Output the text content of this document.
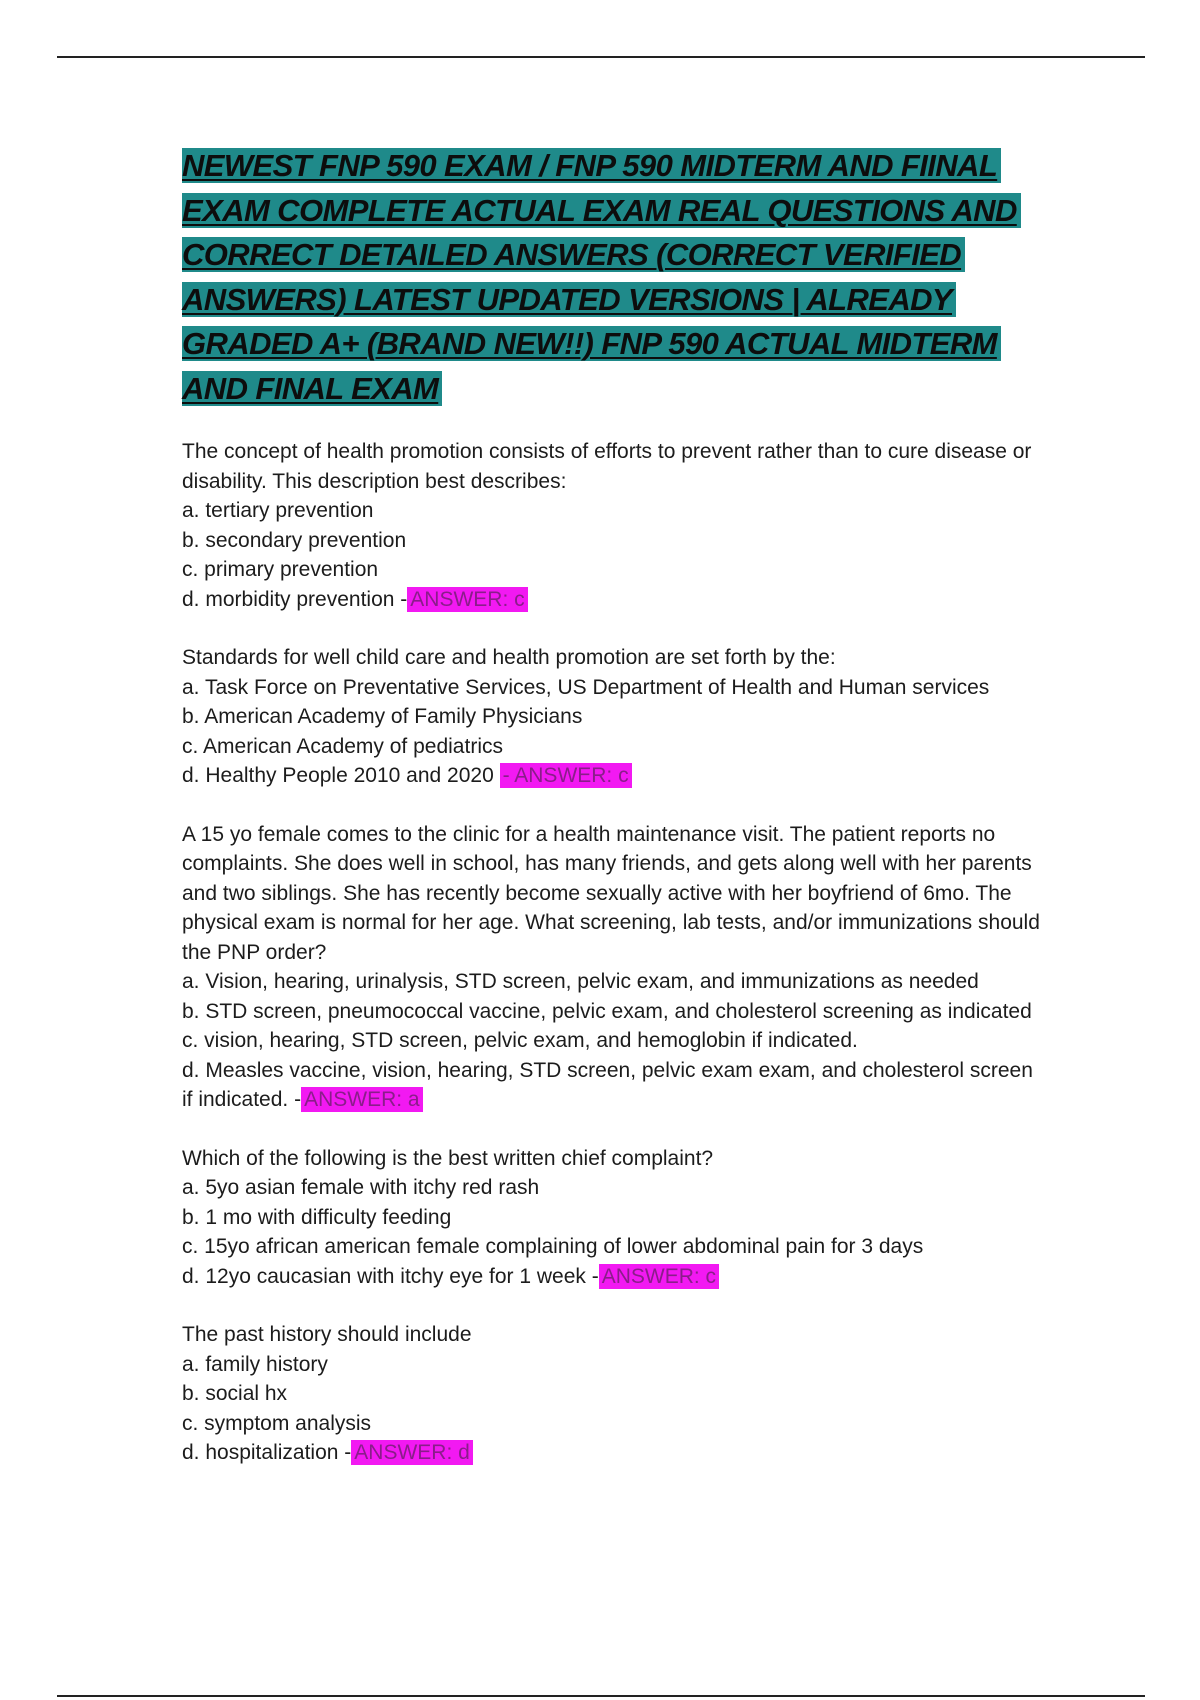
NEWEST FNP 590 EXAM / FNP 590 MIDTERM AND FIINAL EXAM COMPLETE ACTUAL EXAM REAL QUESTIONS AND CORRECT DETAILED ANSWERS (CORRECT VERIFIED ANSWERS) LATEST UPDATED VERSIONS | ALREADY GRADED A+ (BRAND NEW!!) FNP 590 ACTUAL MIDTERM AND FINAL EXAM

The concept of health promotion consists of efforts to prevent rather than to cure disease or disability. This description best describes:

a. tertiary prevention

b. secondary prevention

c. primary prevention

d. morbidity prevention - ANSWER: c

Standards for well child care and health promotion are set forth by the:

a. Task Force on Preventative Services, US Department of Health and Human services

b. American Academy of Family Physicians

c. American Academy of pediatrics

d. Healthy People 2010 and 2020 - ANSWER: c

A 15 yo female comes to the clinic for a health maintenance visit. The patient reports no complaints. She does well in school, has many friends, and gets along well with her parents and two siblings. She has recently become sexually active with her boyfriend of 6mo. The physical exam is normal for her age. What screening, lab tests, and/or immunizations should the PNP order?

a. Vision, hearing, urinalysis, STD screen, pelvic exam, and immunizations as needed

b. STD screen, pneumococcal vaccine, pelvic exam, and cholesterol screening as indicated

c. vision, hearing, STD screen, pelvic exam, and hemoglobin if indicated.

d. Measles vaccine, vision, hearing, STD screen, pelvic exam exam, and cholesterol screen if indicated. - ANSWER: a

Which of the following is the best written chief complaint?

a. 5yo asian female with itchy red rash

b. 1 mo with difficulty feeding

c. 15yo african american female complaining of lower abdominal pain for 3 days

d. 12yo caucasian with itchy eye for 1 week - ANSWER: c

The past history should include

a. family history

b. social hx

c. symptom analysis

d. hospitalization - ANSWER: d
